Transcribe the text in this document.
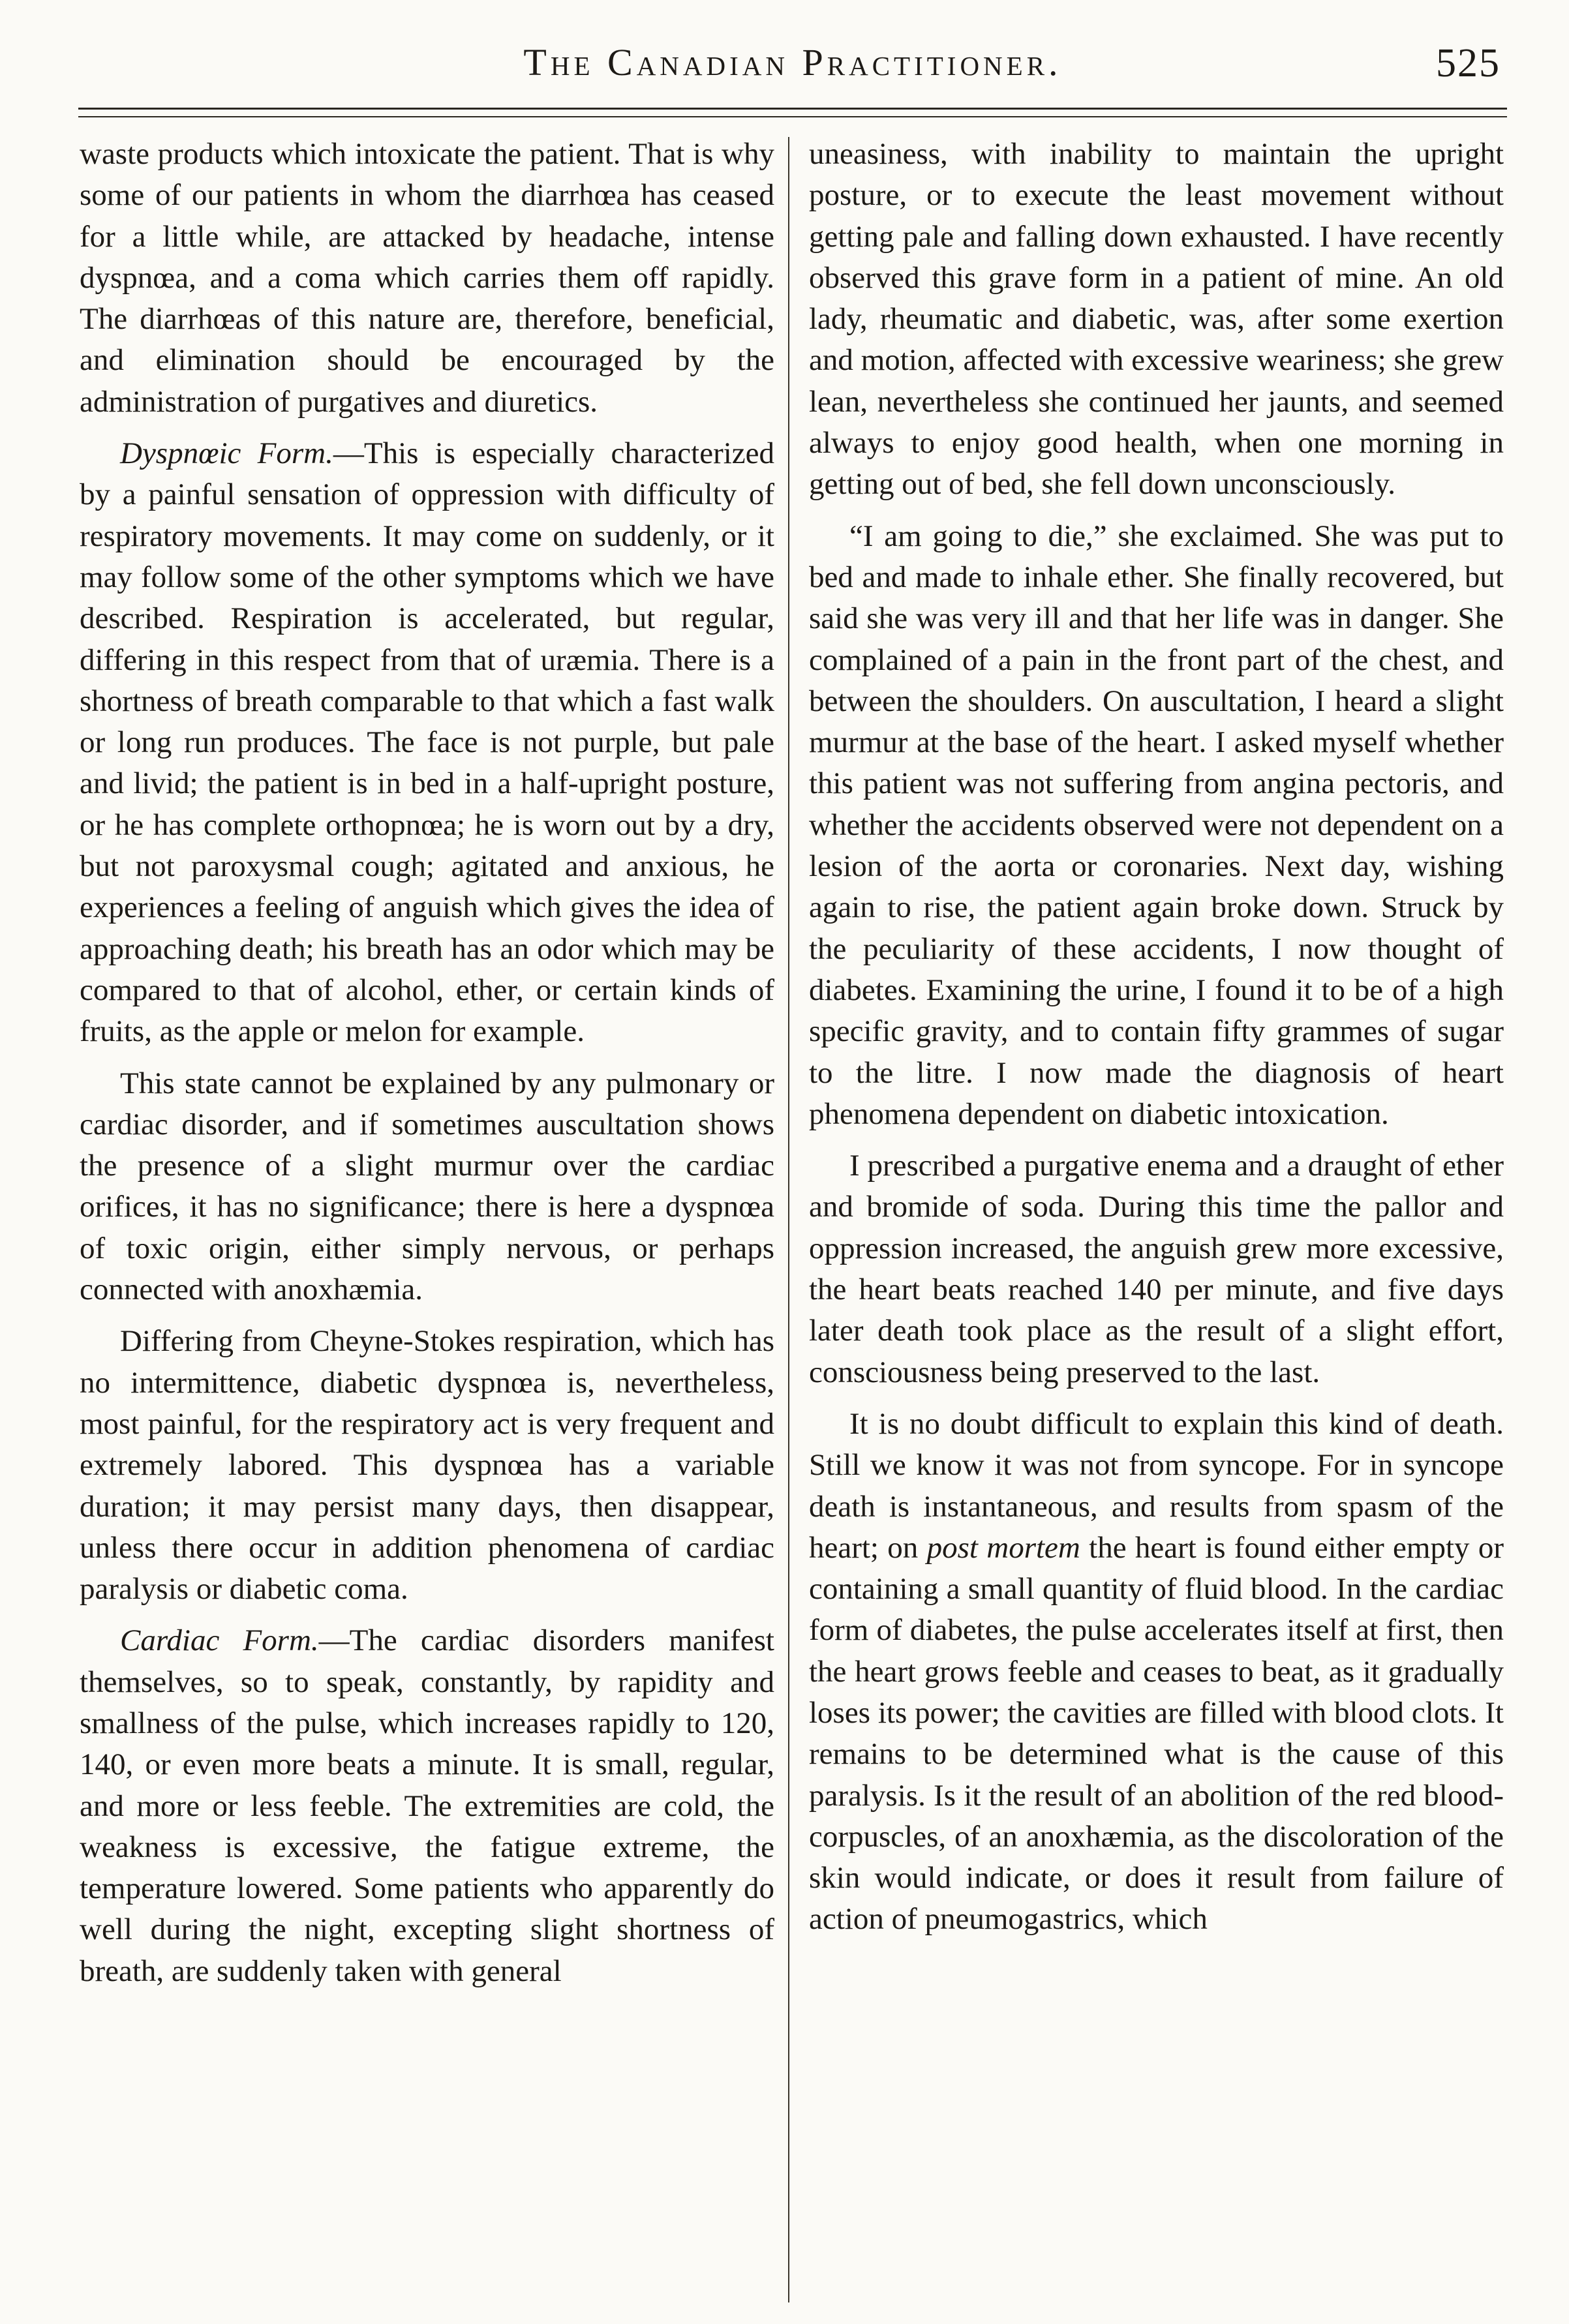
The Canadian Practitioner.	525

waste products which intoxicate the patient. That is why some of our patients in whom the diarrhœa has ceased for a little while, are attacked by headache, intense dyspnœa, and a coma which carries them off rapidly. The diarrhœas of this nature are, therefore, beneficial, and elimination should be encouraged by the administration of purgatives and diuretics.

Dyspnœic Form.—This is especially characterized by a painful sensation of oppression with difficulty of respiratory movements. It may come on suddenly, or it may follow some of the other symptoms which we have described. Respiration is accelerated, but regular, differing in this respect from that of uræmia. There is a shortness of breath comparable to that which a fast walk or long run produces. The face is not purple, but pale and livid; the patient is in bed in a half-upright posture, or he has complete orthopnœa; he is worn out by a dry, but not paroxysmal cough; agitated and anxious, he experiences a feeling of anguish which gives the idea of approaching death; his breath has an odor which may be compared to that of alcohol, ether, or certain kinds of fruits, as the apple or melon for example.

This state cannot be explained by any pulmonary or cardiac disorder, and if sometimes auscultation shows the presence of a slight murmur over the cardiac orifices, it has no significance; there is here a dyspnœa of toxic origin, either simply nervous, or perhaps connected with anoxhæmia.

Differing from Cheyne-Stokes respiration, which has no intermittence, diabetic dyspnœa is, nevertheless, most painful, for the respiratory act is very frequent and extremely labored. This dyspnœa has a variable duration; it may persist many days, then disappear, unless there occur in addition phenomena of cardiac paralysis or diabetic coma.

Cardiac Form.—The cardiac disorders manifest themselves, so to speak, constantly, by rapidity and smallness of the pulse, which increases rapidly to 120, 140, or even more beats a minute. It is small, regular, and more or less feeble. The extremities are cold, the weakness is excessive, the fatigue extreme, the temperature lowered. Some patients who apparently do well during the night, excepting slight shortness of breath, are suddenly taken with general

uneasiness, with inability to maintain the upright posture, or to execute the least movement without getting pale and falling down exhausted. I have recently observed this grave form in a patient of mine. An old lady, rheumatic and diabetic, was, after some exertion and motion, affected with excessive weariness; she grew lean, nevertheless she continued her jaunts, and seemed always to enjoy good health, when one morning in getting out of bed, she fell down unconsciously.

“I am going to die,” she exclaimed. She was put to bed and made to inhale ether. She finally recovered, but said she was very ill and that her life was in danger. She complained of a pain in the front part of the chest, and between the shoulders. On auscultation, I heard a slight murmur at the base of the heart. I asked myself whether this patient was not suffering from angina pectoris, and whether the accidents observed were not dependent on a lesion of the aorta or coronaries. Next day, wishing again to rise, the patient again broke down. Struck by the peculiarity of these accidents, I now thought of diabetes. Examining the urine, I found it to be of a high specific gravity, and to contain fifty grammes of sugar to the litre. I now made the diagnosis of heart phenomena dependent on diabetic intoxication.

I prescribed a purgative enema and a draught of ether and bromide of soda. During this time the pallor and oppression increased, the anguish grew more excessive, the heart beats reached 140 per minute, and five days later death took place as the result of a slight effort, consciousness being preserved to the last.

It is no doubt difficult to explain this kind of death. Still we know it was not from syncope. For in syncope death is instantaneous, and results from spasm of the heart; on post mortem the heart is found either empty or containing a small quantity of fluid blood. In the cardiac form of diabetes, the pulse accelerates itself at first, then the heart grows feeble and ceases to beat, as it gradually loses its power; the cavities are filled with blood clots. It remains to be determined what is the cause of this paralysis. Is it the result of an abolition of the red blood-corpuscles, of an anoxhæmia, as the discoloration of the skin would indicate, or does it result from failure of action of pneumogastrics, which
